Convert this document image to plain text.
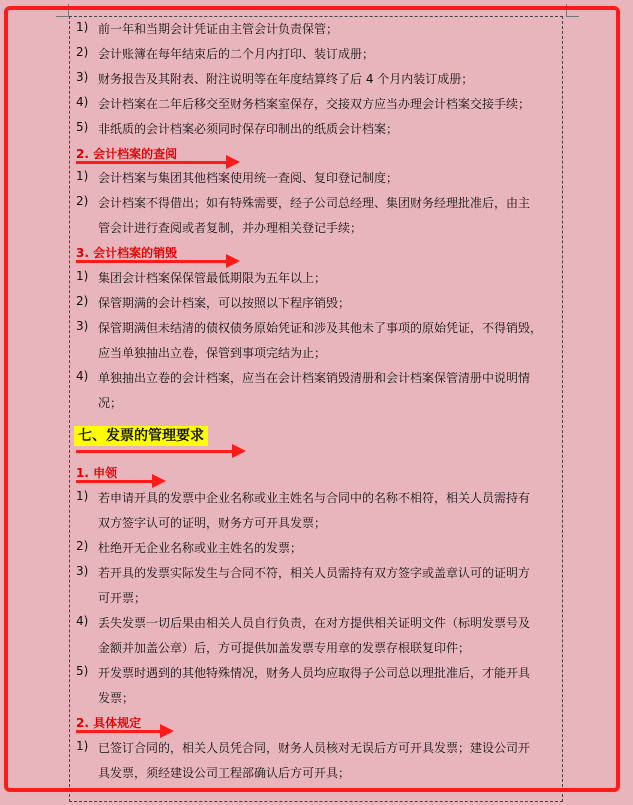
1) 前一年和当期会计凭证由主管会计负责保管；
2) 会计账簿在每年结束后的二个月内打印、装订成册；
3) 财务报告及其附表、附注说明等在年度结算终了后 4 个月内装订成册；
4) 会计档案在二年后移交至财务档案室保存，交接双方应当办理会计档案交接手续；
5) 非纸质的会计档案必须同时保存印制出的纸质会计档案；
2. 会计档案的查阅
1) 会计档案与集团其他档案使用统一查阅、复印登记制度；
2) 会计档案不得借出；如有特殊需要，经子公司总经理、集团财务经理批准后，由主
管会计进行查阅或者复制，并办理相关登记手续；
3. 会计档案的销毁
1) 集团会计档案保保管最低期限为五年以上；
2) 保管期满的会计档案，可以按照以下程序销毁；
3) 保管期满但未结清的债权债务原始凭证和涉及其他未了事项的原始凭证，不得销毁，
应当单独抽出立卷，保管到事项完结为止；
4) 单独抽出立卷的会计档案，应当在会计档案销毁清册和会计档案保管清册中说明情
况；
七、发票的管理要求
1. 申领
1) 若申请开具的发票中企业名称或业主姓名与合同中的名称不相符，相关人员需持有
双方签字认可的证明，财务方可开具发票；
2) 杜绝开无企业名称或业主姓名的发票；
3) 若开具的发票实际发生与合同不符，相关人员需持有双方签字或盖章认可的证明方
可开票；
4) 丢失发票一切后果由相关人员自行负责，在对方提供相关证明文件（标明发票号及
金额并加盖公章）后，方可提供加盖发票专用章的发票存根联复印件；
5) 开发票时遇到的其他特殊情况，财务人员均应取得子公司总以理批准后，才能开具
发票；
2. 具体规定
1) 已签订合同的，相关人员凭合同，财务人员核对无误后方可开具发票；建设公司开
具发票，须经建设公司工程部确认后方可开具；
